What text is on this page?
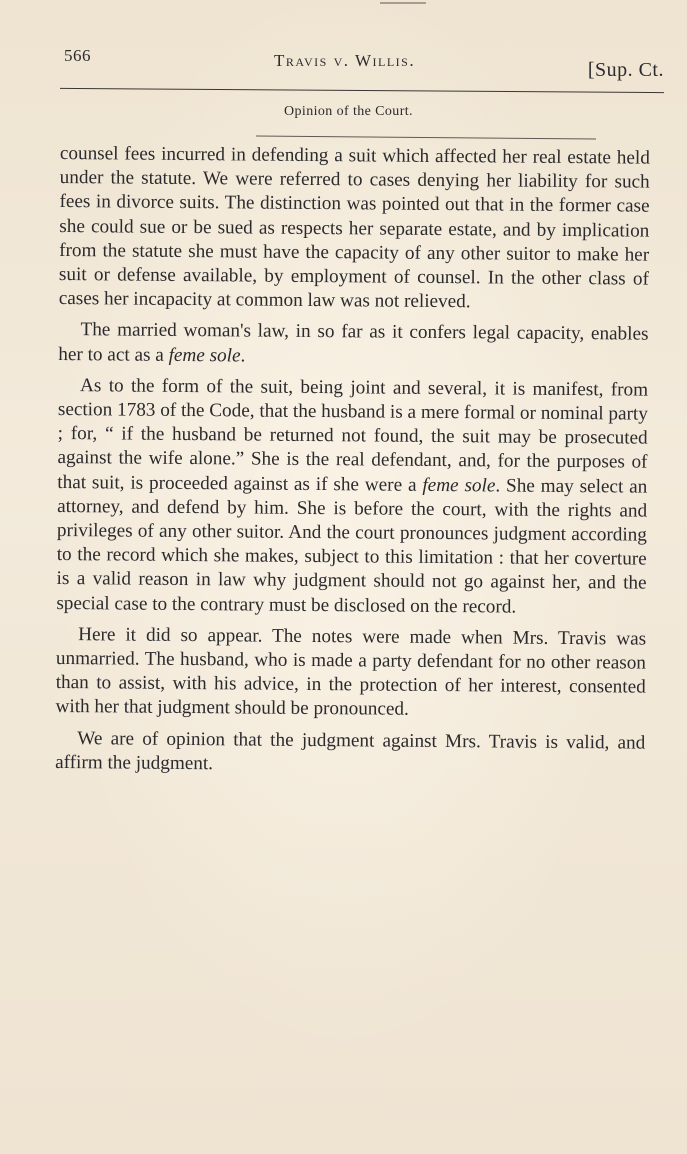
566	Travis v. Willis.	[Sup. Ct.
Opinion of the Court.

counsel fees incurred in defending a suit which affected her real estate held under the statute. We were referred to cases denying her liability for such fees in divorce suits. The distinction was pointed out that in the former case she could sue or be sued as respects her separate estate, and by implication from the statute she must have the capacity of any other suitor to make her suit or defense available, by employment of counsel. In the other class of cases her incapacity at common law was not relieved.

The married woman's law, in so far as it confers legal capacity, enables her to act as a feme sole.

As to the form of the suit, being joint and several, it is manifest, from section 1783 of the Code, that the husband is a mere formal or nominal party ; for, “ if the husband be returned not found, the suit may be prosecuted against the wife alone.” She is the real defendant, and, for the purposes of that suit, is proceeded against as if she were a feme sole. She may select an attorney, and defend by him. She is before the court, with the rights and privileges of any other suitor. And the court pronounces judgment according to the record which she makes, subject to this limitation : that her coverture is a valid reason in law why judgment should not go against her, and the special case to the contrary must be disclosed on the record.

Here it did so appear. The notes were made when Mrs. Travis was unmarried. The husband, who is made a party defendant for no other reason than to assist, with his advice, in the protection of her interest, consented with her that judgment should be pronounced.

We are of opinion that the judgment against Mrs. Travis is valid, and affirm the judgment.
